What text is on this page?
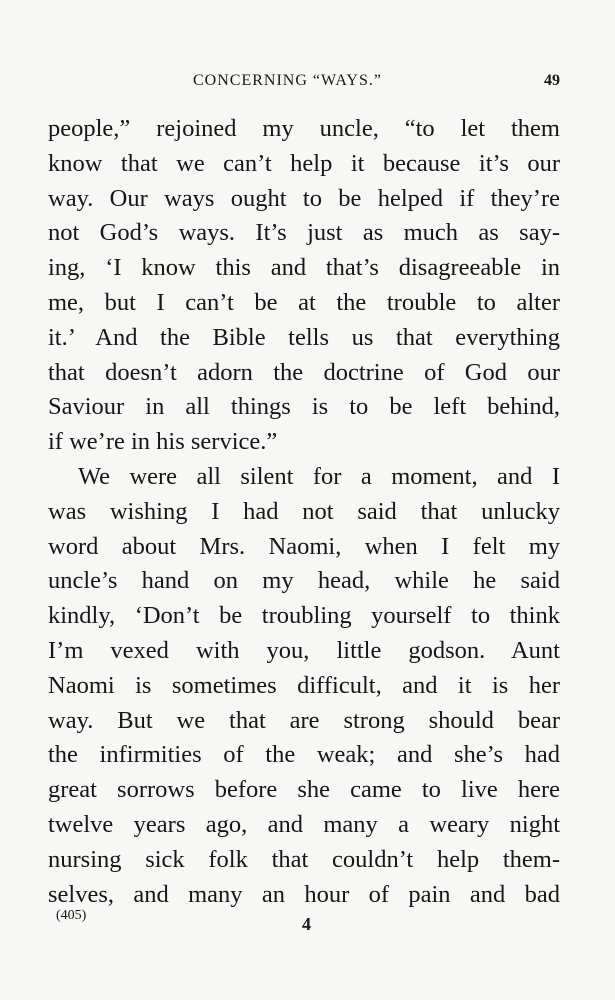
CONCERNING “WAYS.”	49
people,” rejoined my uncle, “to let them
know that we can’t help it because it’s our
way. Our ways ought to be helped if they’re
not God’s ways. It’s just as much as say-
ing, ‘I know this and that’s disagreeable in
me, but I can’t be at the trouble to alter
it.’ And the Bible tells us that everything
that doesn’t adorn the doctrine of God our
Saviour in all things is to be left behind,
if we’re in his service.”
We were all silent for a moment, and I
was wishing I had not said that unlucky
word about Mrs. Naomi, when I felt my
uncle’s hand on my head, while he said
kindly, ‘Don’t be troubling yourself to think
I’m vexed with you, little godson. Aunt
Naomi is sometimes difficult, and it is her
way. But we that are strong should bear
the infirmities of the weak; and she’s had
great sorrows before she came to live here
twelve years ago, and many a weary night
nursing sick folk that couldn’t help them-
selves, and many an hour of pain and bad
(405)	4
